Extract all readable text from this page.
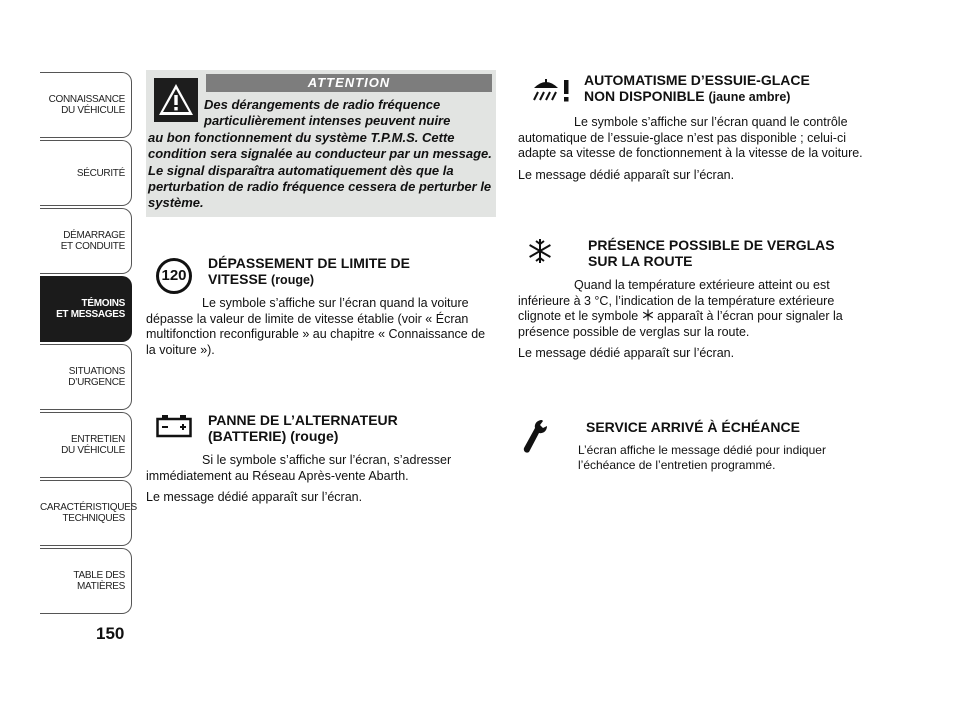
CONNAISSANCE
DU VÉHICULE
SÉCURITÉ
DÉMARRAGE
ET CONDUITE
TÉMOINS
ET MESSAGES
SITUATIONS
D’URGENCE
ENTRETIEN
DU VÉHICULE
CARACTÉRISTIQUES
TECHNIQUES
TABLE DES
MATIÈRES
150
ATTENTION
Des dérangements de radio fréquence
particulièrement intenses peuvent nuire
au bon fonctionnement du système T.P.M.S. Cette condition sera signalée au conducteur par un message. Le signal disparaîtra automatiquement dès que la perturbation de radio fréquence cessera de perturber le système.
120
DÉPASSEMENT DE LIMITE DE
VITESSE (rouge)

Le symbole s’affiche sur l’écran quand la voiture dépasse la valeur de limite de vitesse établie (voir « Écran multifonction reconfigurable » au chapitre « Connaissance de la voiture »).

PANNE DE L’ALTERNATEUR
(BATTERIE) (rouge)

Si le symbole s’affiche sur l’écran, s’adresser immédiatement au Réseau Après-vente Abarth.

Le message dédié apparaît sur l’écran.

AUTOMATISME D’ESSUIE-GLACE
NON DISPONIBLE (jaune ambre)

Le symbole s’affiche sur l’écran quand le contrôle automatique de l’essuie-glace n’est pas disponible ; celui-ci adapte sa vitesse de fonctionnement à la vitesse de la voiture.

Le message dédié apparaît sur l’écran.

PRÉSENCE POSSIBLE DE VERGLAS
SUR LA ROUTE

Quand la température extérieure atteint ou est inférieure à 3 °C, l’indication de la température extérieure clignote et le symbole apparaît à l’écran pour signaler la présence possible de verglas sur la route.

Le message dédié apparaît sur l’écran.

SERVICE ARRIVÉ À ÉCHÉANCE

L’écran affiche le message dédié pour indiquer l’échéance de l’entretien programmé.
